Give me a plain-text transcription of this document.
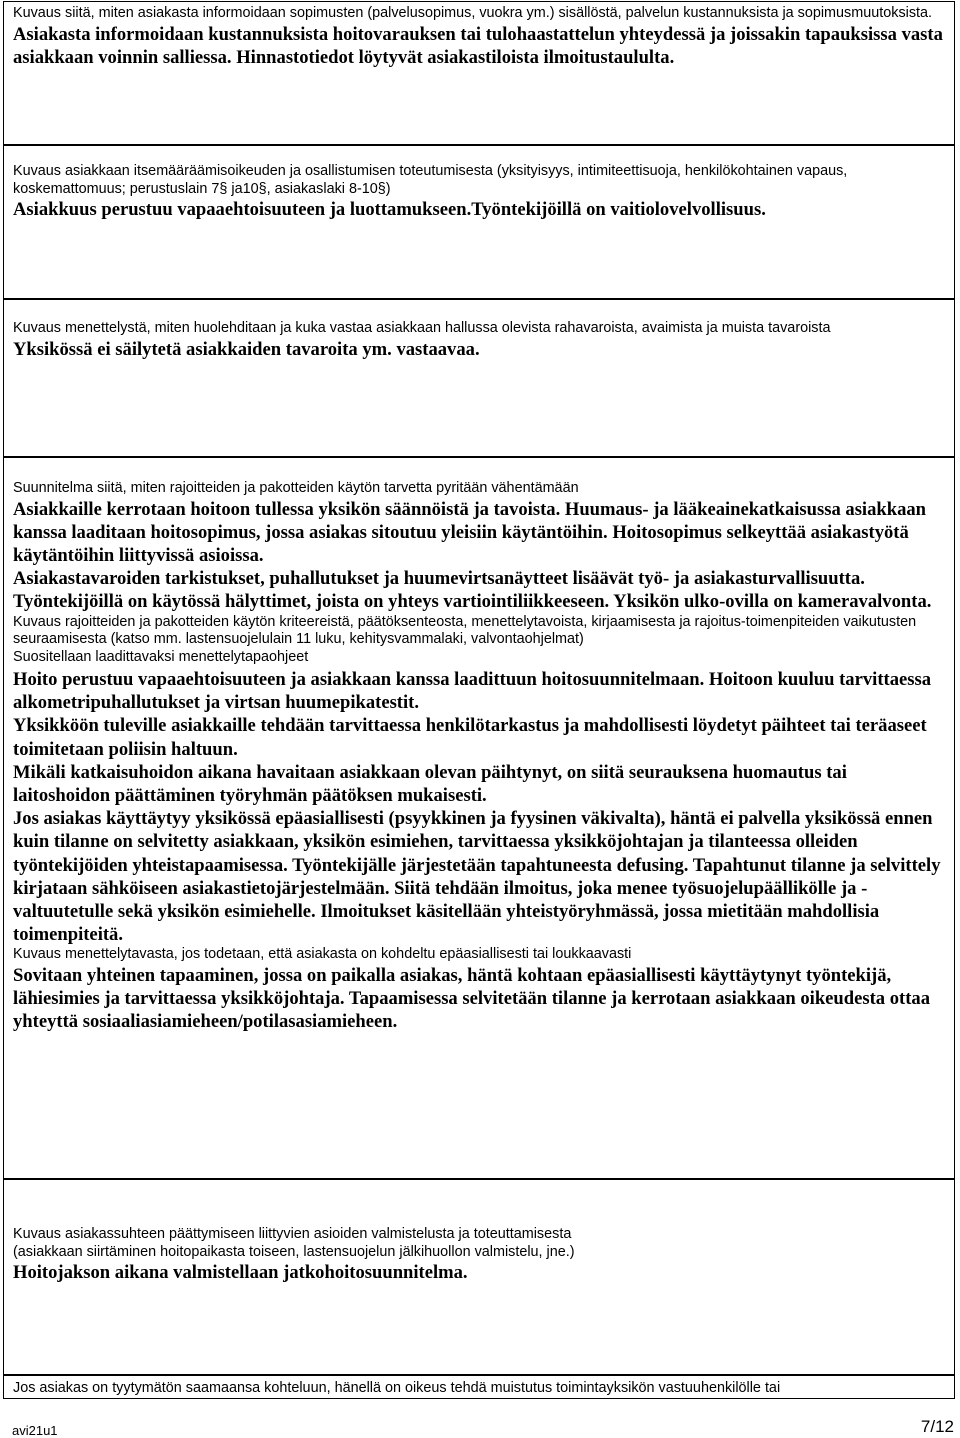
Kuvaus siitä, miten asiakasta informoidaan sopimusten (palvelusopimus, vuokra ym.) sisällöstä, palvelun kustannuksista ja sopimusmuutoksista.
Asiakasta informoidaan kustannuksista hoitovarauksen tai tulohaastattelun yhteydessä ja joissakin tapauksissa vasta asiakkaan voinnin salliessa. Hinnastotiedot löytyvät asiakastiloista ilmoitustaululta.
Kuvaus asiakkaan itsemääräämisoikeuden ja osallistumisen toteutumisesta (yksityisyys, intimiteettisuoja, henkilökohtainen vapaus, koskemattomuus; perustuslain 7§ ja10§, asiakaslaki 8-10§)
Asiakkuus perustuu vapaaehtoisuuteen ja luottamukseen.Työntekijöillä on vaitiolovelvollisuus.
Kuvaus menettelystä, miten huolehditaan ja kuka vastaa asiakkaan hallussa olevista rahavaroista, avaimista ja muista tavaroista
Yksikössä ei säilytetä asiakkaiden tavaroita ym. vastaavaa.
Suunnitelma siitä, miten rajoitteiden ja pakotteiden käytön tarvetta pyritään vähentämään
Asiakkaille kerrotaan hoitoon tullessa yksikön säännöistä ja tavoista. Huumaus- ja lääkeainekatkaisussa asiakkaan kanssa laaditaan hoitosopimus, jossa asiakas sitoutuu yleisiin käytäntöihin. Hoitosopimus selkeyttää asiakastyötä käytäntöihin liittyvissä asioissa.
Asiakastavaroiden tarkistukset, puhallutukset ja huumevirtsanäytteet lisäävät työ- ja asiakasturvallisuutta.
Työntekijöillä on käytössä hälyttimet, joista on yhteys vartiointiliikkeeseen. Yksikön ulko-ovilla on kameravalvonta.
Kuvaus rajoitteiden ja pakotteiden käytön kriteereistä, päätöksenteosta, menettelytavoista, kirjaamisesta ja rajoitus-toimenpiteiden vaikutusten seuraamisesta (katso mm. lastensuojelulain 11 luku, kehitysvammalaki, valvontaohjelmat)
Suositellaan laadittavaksi menettelytapaohjeet
Hoito perustuu vapaaehtoisuuteen ja asiakkaan kanssa laadittuun hoitosuunnitelmaan. Hoitoon kuuluu tarvittaessa alkometripuhallutukset ja virtsan huumepikatestit.
Yksikköön tuleville asiakkaille tehdään tarvittaessa henkilötarkastus ja mahdollisesti löydetyt päihteet tai teräaseet toimitetaan poliisin haltuun.
Mikäli katkaisuhoidon aikana havaitaan asiakkaan olevan päihtynyt, on siitä seurauksena huomautus tai laitoshoidon päättäminen työryhmän päätöksen mukaisesti.
Jos asiakas käyttäytyy yksikössä epäasiallisesti (psyykkinen ja fyysinen väkivalta), häntä ei palvella yksikössä ennen kuin tilanne on selvitetty asiakkaan, yksikön esimiehen, tarvittaessa yksikköjohtajan ja tilanteessa olleiden työntekijöiden yhteistapaamisessa. Työntekijälle järjestetään tapahtuneesta defusing. Tapahtunut tilanne ja selvittely kirjataan sähköiseen asiakastietojärjestelmään. Siitä tehdään ilmoitus, joka menee työsuojelupäällikölle ja - valtuutetulle sekä yksikön esimiehelle. Ilmoitukset käsitellään yhteistyöryhmässä, jossa mietitään mahdollisia toimenpiteitä.
Kuvaus menettelytavasta, jos todetaan, että asiakasta on kohdeltu epäasiallisesti tai loukkaavasti
Sovitaan yhteinen tapaaminen, jossa on paikalla asiakas, häntä kohtaan epäasiallisesti käyttäytynyt työntekijä, lähiesimies ja tarvittaessa yksikköjohtaja. Tapaamisessa selvitetään tilanne ja kerrotaan asiakkaan oikeudesta ottaa yhteyttä sosiaaliasiamieheen/potilasasiamieheen.
Kuvaus asiakassuhteen päättymiseen liittyvien asioiden valmistelusta ja toteuttamisesta
(asiakkaan siirtäminen hoitopaikasta toiseen, lastensuojelun jälkihuollon valmistelu, jne.)
Hoitojakson aikana valmistellaan jatkohoitosuunnitelma.
Jos asiakas on tyytymätön saamaansa kohteluun, hänellä on oikeus tehdä muistutus toimintayksikön vastuuhenkilölle tai
avi21u1	7/12
